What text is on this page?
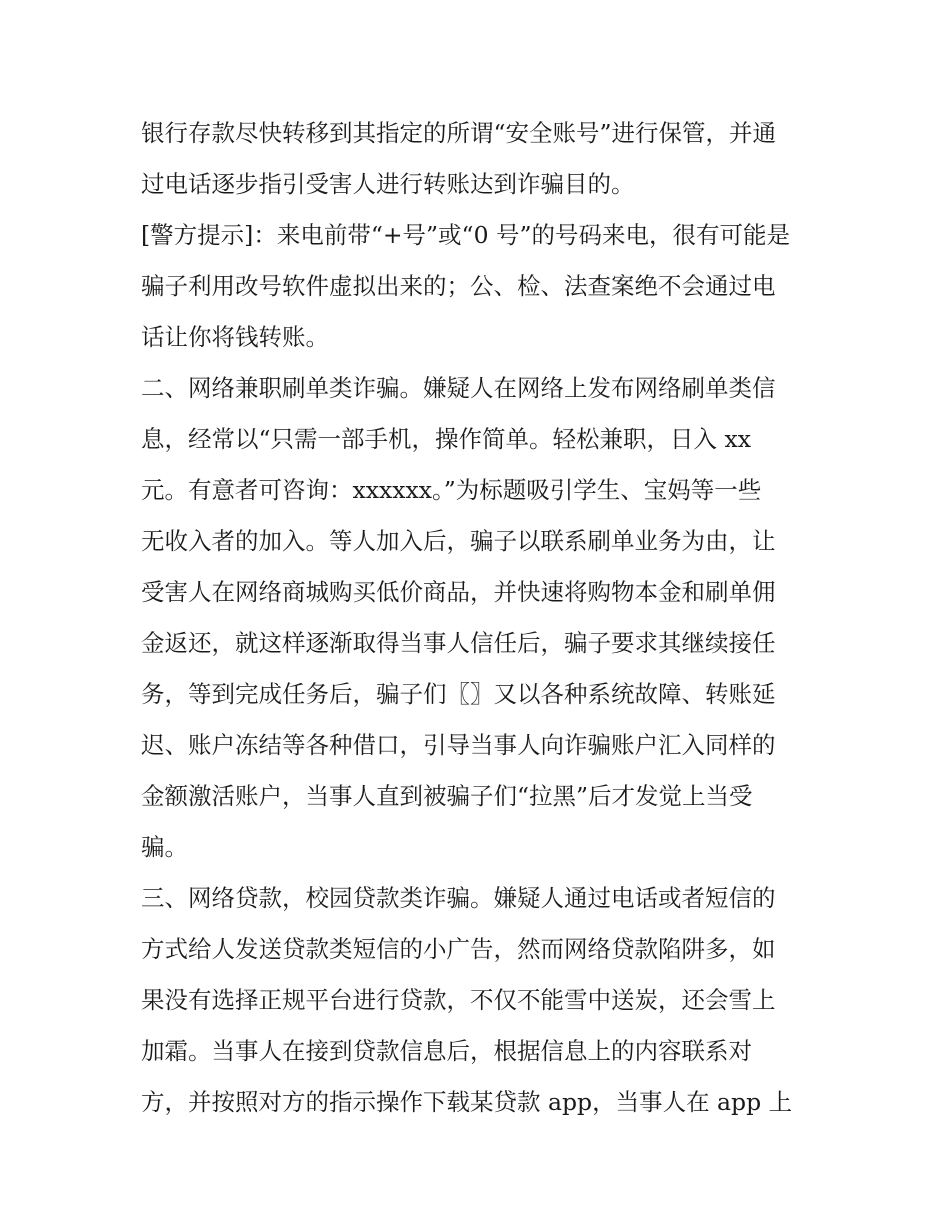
银行存款尽快转移到其指定的所谓“安全账号”进行保管，并通
过电话逐步指引受害人进行转账达到诈骗目的。
[警方提示]：来电前带“+号”或“0 号”的号码来电，很有可能是
骗子利用改号软件虚拟出来的；公、检、法查案绝不会通过电
话让你将钱转账。
二、网络兼职刷单类诈骗。嫌疑人在网络上发布网络刷单类信
息，经常以“只需一部手机，操作简单。轻松兼职，日入 xx
元。有意者可咨询：xxxxxx。”为标题吸引学生、宝妈等一些
无收入者的加入。等人加入后，骗子以联系刷单业务为由，让
受害人在网络商城购买低价商品，并快速将购物本金和刷单佣
金返还，就这样逐渐取得当事人信任后，骗子要求其继续接任
务，等到完成任务后，骗子们〖〗又以各种系统故障、转账延
迟、账户冻结等各种借口，引导当事人向诈骗账户汇入同样的
金额激活账户，当事人直到被骗子们“拉黑”后才发觉上当受
骗。
三、网络贷款，校园贷款类诈骗。嫌疑人通过电话或者短信的
方式给人发送贷款类短信的小广告，然而网络贷款陷阱多，如
果没有选择正规平台进行贷款，不仅不能雪中送炭，还会雪上
加霜。当事人在接到贷款信息后，根据信息上的内容联系对
方，并按照对方的指示操作下载某贷款 app，当事人在 app 上
